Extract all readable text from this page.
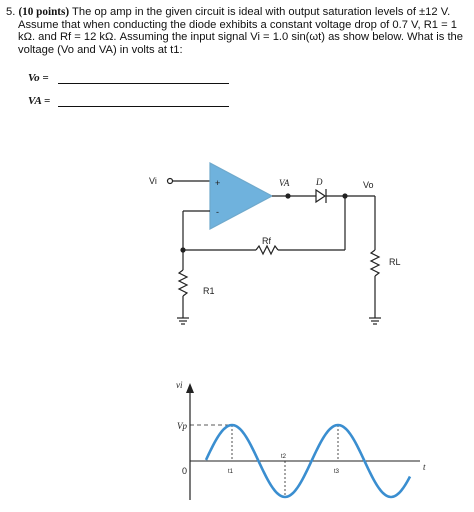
5. (10 points) The op amp in the given circuit is ideal with output saturation levels of ±12 V.
Assume that when conducting the diode exhibits a constant voltage drop of 0.7 V, R1 = 1
kΩ. and Rf = 12 kΩ. Assuming the input signal Vi = 1.0 sin(ωt) as show below. What is the
voltage (Vo and VA) in volts at t1:
Vo =
VA =
Vi	+
-
VA	D	Vo
Rf
R1
RL
vi
Vp
0	t
t1
t2
t3
